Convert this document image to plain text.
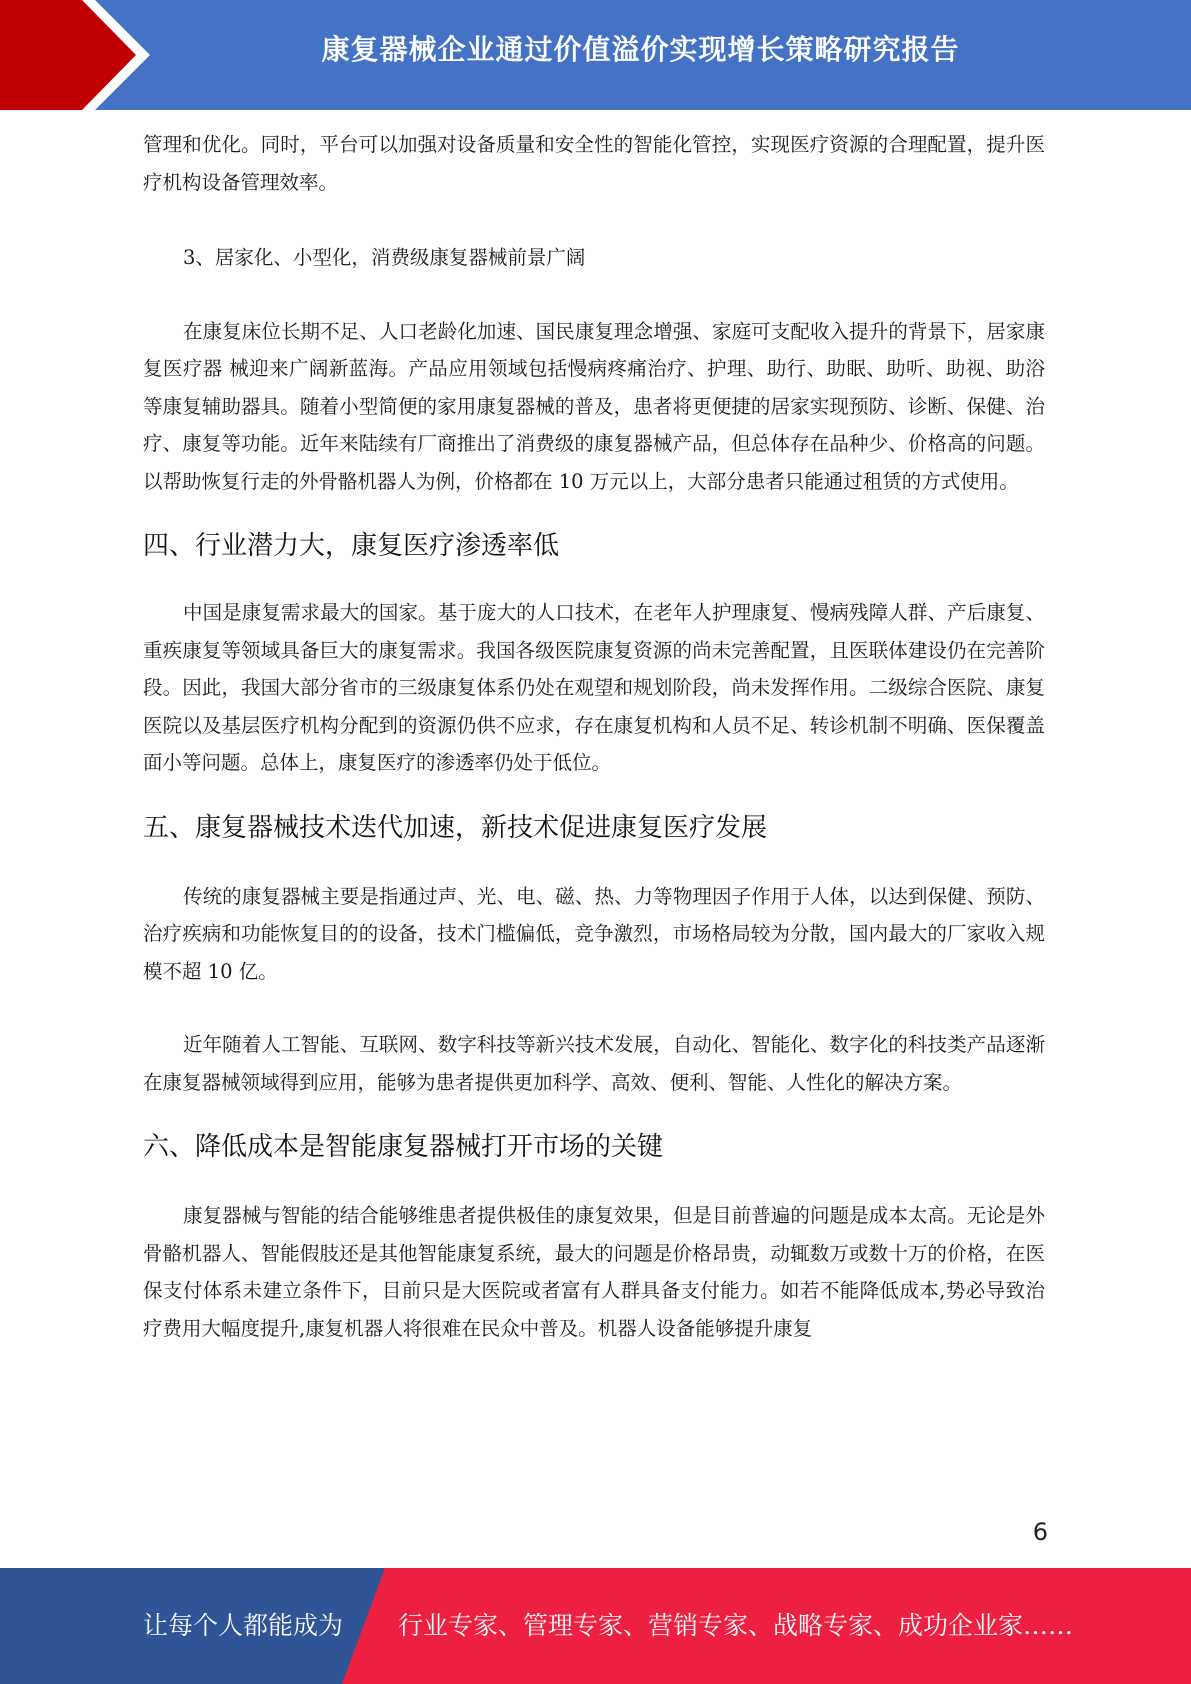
康复器械企业通过价值溢价实现增长策略研究报告

管理和优化。同时，平台可以加强对设备质量和安全性的智能化管控，实现医疗资源的合理配置，提升医疗机构设备管理效率。

3、居家化、小型化，消费级康复器械前景广阔

在康复床位长期不足、人口老龄化加速、国民康复理念增强、家庭可支配收入提升的背景下，居家康复医疗器 械迎来广阔新蓝海。产品应用领域包括慢病疼痛治疗、护理、助行、助眠、助听、助视、助浴等康复辅助器具。随着小型简便的家用康复器械的普及，患者将更便捷的居家实现预防、诊断、保健、治疗、康复等功能。近年来陆续有厂商推出了消费级的康复器械产品，但总体存在品种少、价格高的问题。以帮助恢复行走的外骨骼机器人为例，价格都在 10 万元以上，大部分患者只能通过租赁的方式使用。

四、行业潜力大，康复医疗渗透率低

中国是康复需求最大的国家。基于庞大的人口技术，在老年人护理康复、慢病残障人群、产后康复、重疾康复等领域具备巨大的康复需求。我国各级医院康复资源的尚未完善配置，且医联体建设仍在完善阶段。因此，我国大部分省市的三级康复体系仍处在观望和规划阶段，尚未发挥作用。二级综合医院、康复医院以及基层医疗机构分配到的资源仍供不应求，存在康复机构和人员不足、转诊机制不明确、医保覆盖面小等问题。总体上，康复医疗的渗透率仍处于低位。

五、康复器械技术迭代加速，新技术促进康复医疗发展

传统的康复器械主要是指通过声、光、电、磁、热、力等物理因子作用于人体，以达到保健、预防、治疗疾病和功能恢复目的的设备，技术门槛偏低，竞争激烈，市场格局较为分散，国内最大的厂家收入规模不超 10 亿。

近年随着人工智能、互联网、数字科技等新兴技术发展，自动化、智能化、数字化的科技类产品逐渐在康复器械领域得到应用，能够为患者提供更加科学、高效、便利、智能、人性化的解决方案。

六、降低成本是智能康复器械打开市场的关键

康复器械与智能的结合能够维患者提供极佳的康复效果，但是目前普遍的问题是成本太高。无论是外骨骼机器人、智能假肢还是其他智能康复系统，最大的问题是价格昂贵，动辄数万或数十万的价格，在医保支付体系未建立条件下，目前只是大医院或者富有人群具备支付能力。如若不能降低成本,势必导致治疗费用大幅度提升,康复机器人将很难在民众中普及。机器人设备能够提升康复

6
让每个人都能成为 行业专家、管理专家、营销专家、战略专家、成功企业家……
